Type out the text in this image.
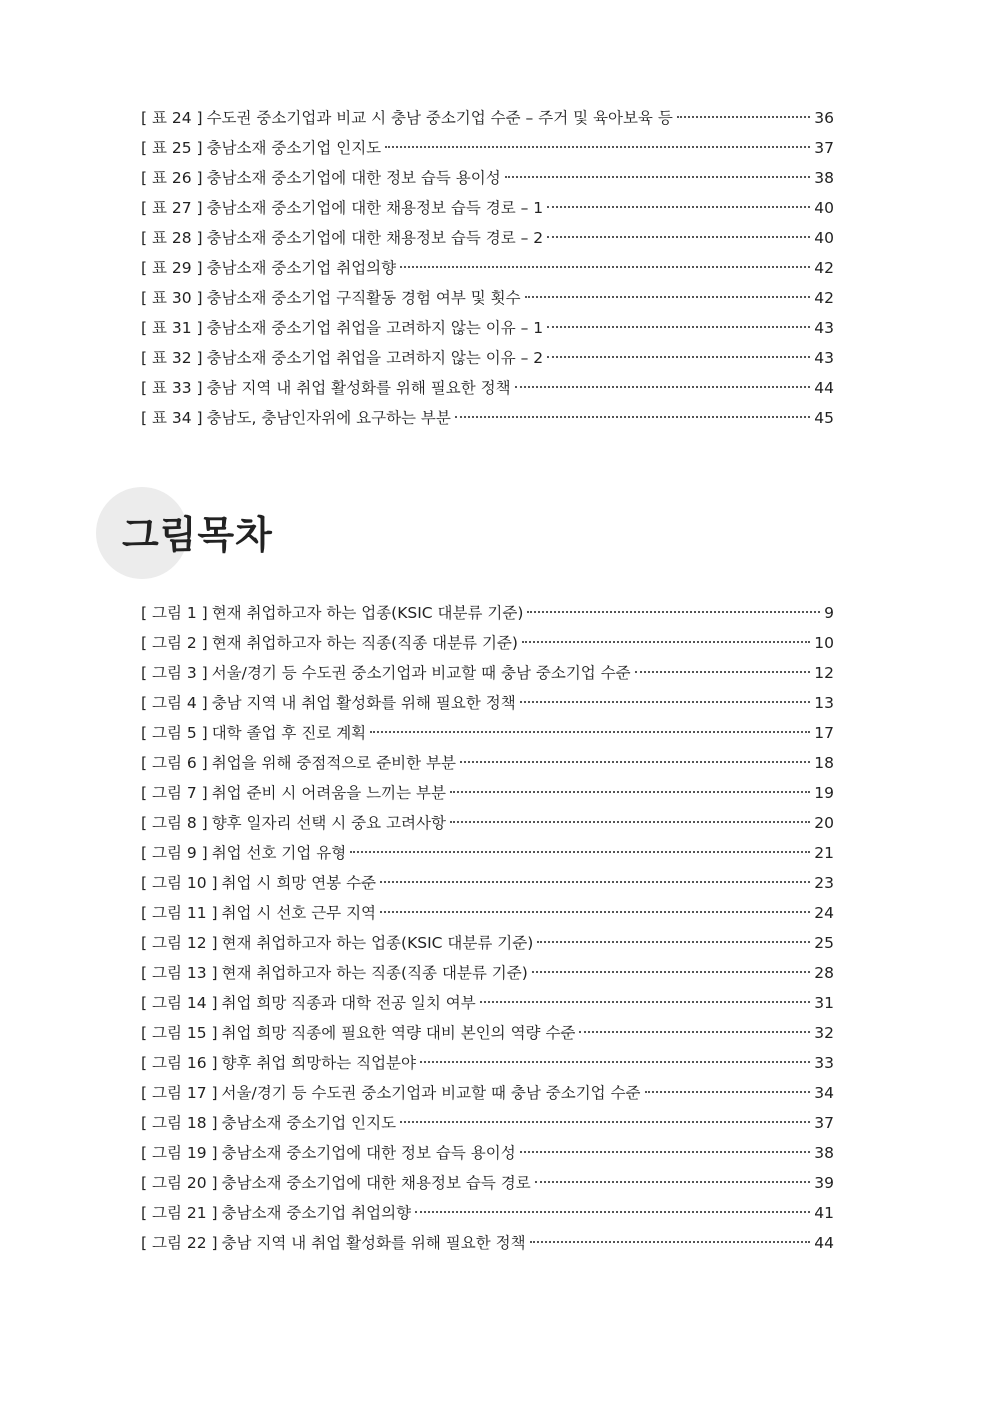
[ 표 24 ] 수도권 중소기업과 비교 시 충남 중소기업 수준 – 주거 및 육아보육 등	36
[ 표 25 ] 충남소재 중소기업 인지도	37
[ 표 26 ] 충남소재 중소기업에 대한 정보 습득 용이성	38
[ 표 27 ] 충남소재 중소기업에 대한 채용정보 습득 경로 – 1	40
[ 표 28 ] 충남소재 중소기업에 대한 채용정보 습득 경로 – 2	40
[ 표 29 ] 충남소재 중소기업 취업의향	42
[ 표 30 ] 충남소재 중소기업 구직활동 경험 여부 및 횟수	42
[ 표 31 ] 충남소재 중소기업 취업을 고려하지 않는 이유 – 1	43
[ 표 32 ] 충남소재 중소기업 취업을 고려하지 않는 이유 – 2	43
[ 표 33 ] 충남 지역 내 취업 활성화를 위해 필요한 정책	44
[ 표 34 ] 충남도, 충남인자위에 요구하는 부분	45
그림목차
[ 그림 1 ] 현재 취업하고자 하는 업종(KSIC 대분류 기준)	9
[ 그림 2 ] 현재 취업하고자 하는 직종(직종 대분류 기준)	10
[ 그림 3 ] 서울/경기 등 수도권 중소기업과 비교할 때 충남 중소기업 수준	12
[ 그림 4 ] 충남 지역 내 취업 활성화를 위해 필요한 정책	13
[ 그림 5 ] 대학 졸업 후 진로 계획	17
[ 그림 6 ] 취업을 위해 중점적으로 준비한 부분	18
[ 그림 7 ] 취업 준비 시 어려움을 느끼는 부분	19
[ 그림 8 ] 향후 일자리 선택 시 중요 고려사항	20
[ 그림 9 ] 취업 선호 기업 유형	21
[ 그림 10 ] 취업 시 희망 연봉 수준	23
[ 그림 11 ] 취업 시 선호 근무 지역	24
[ 그림 12 ] 현재 취업하고자 하는 업종(KSIC 대분류 기준)	25
[ 그림 13 ] 현재 취업하고자 하는 직종(직종 대분류 기준)	28
[ 그림 14 ] 취업 희망 직종과 대학 전공 일치 여부	31
[ 그림 15 ] 취업 희망 직종에 필요한 역량 대비 본인의 역량 수준	32
[ 그림 16 ] 향후 취업 희망하는 직업분야	33
[ 그림 17 ] 서울/경기 등 수도권 중소기업과 비교할 때 충남 중소기업 수준	34
[ 그림 18 ] 충남소재 중소기업 인지도	37
[ 그림 19 ] 충남소재 중소기업에 대한 정보 습득 용이성	38
[ 그림 20 ] 충남소재 중소기업에 대한 채용정보 습득 경로	39
[ 그림 21 ] 충남소재 중소기업 취업의향	41
[ 그림 22 ] 충남 지역 내 취업 활성화를 위해 필요한 정책	44
